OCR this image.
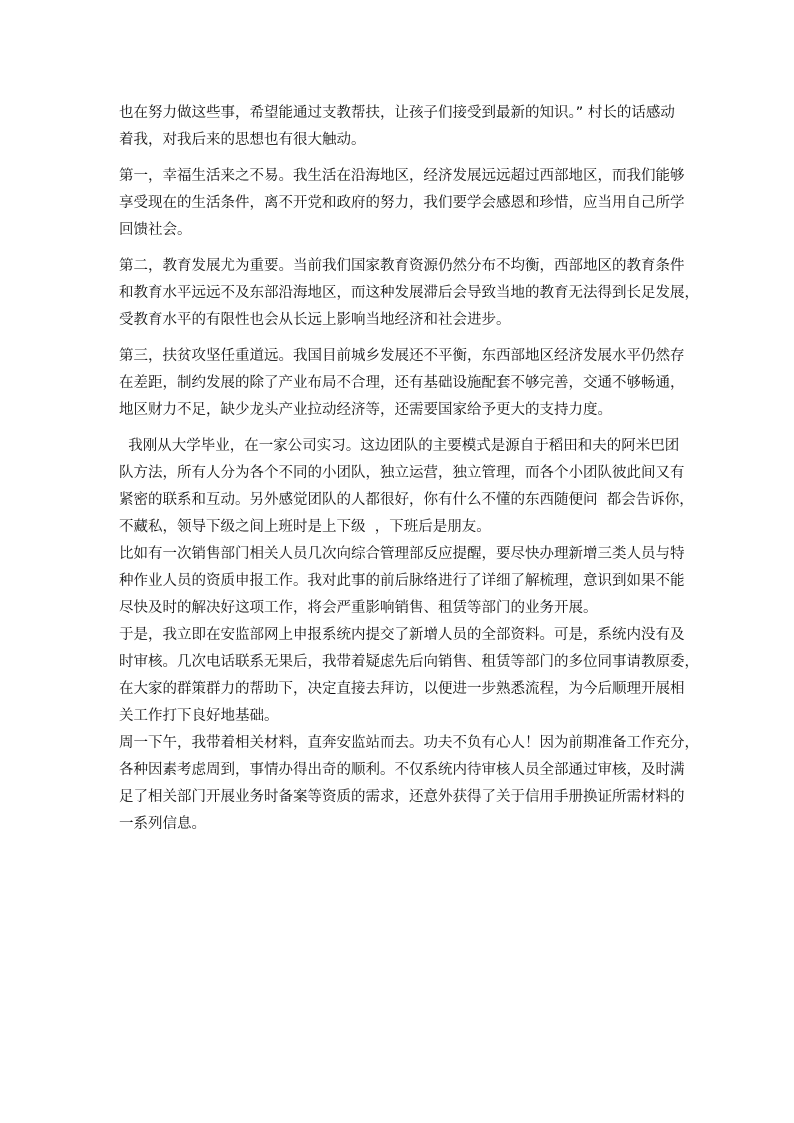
也在努力做这些事，希望能通过支教帮扶，让孩子们接受到最新的知识。” 村长的话感动
着我，对我后来的思想也有很大触动。

第一，幸福生活来之不易。我生活在沿海地区，经济发展远远超过西部地区，而我们能够
享受现在的生活条件，离不开党和政府的努力，我们要学会感恩和珍惜，应当用自己所学
回馈社会。

第二，教育发展尤为重要。当前我们国家教育资源仍然分布不均衡，西部地区的教育条件
和教育水平远远不及东部沿海地区，而这种发展滞后会导致当地的教育无法得到长足发展，
受教育水平的有限性也会从长远上影响当地经济和社会进步。

第三，扶贫攻坚任重道远。我国目前城乡发展还不平衡，东西部地区经济发展水平仍然存
在差距，制约发展的除了产业布局不合理，还有基础设施配套不够完善，交通不够畅通，
地区财力不足，缺少龙头产业拉动经济等，还需要国家给予更大的支持力度。

我刚从大学毕业，在一家公司实习。这边团队的主要模式是源自于稻田和夫的阿米巴团
队方法，所有人分为各个不同的小团队，独立运营，独立管理，而各个小团队彼此间又有
紧密的联系和互动。另外感觉团队的人都很好，你有什么不懂的东西随便问  都会告诉你，
不藏私，领导下级之间上班时是上下级  ，下班后是朋友。

比如有一次销售部门相关人员几次向综合管理部反应提醒，要尽快办理新增三类人员与特
种作业人员的资质申报工作。我对此事的前后脉络进行了详细了解梳理，意识到如果不能
尽快及时的解决好这项工作，将会严重影响销售、租赁等部门的业务开展。

于是，我立即在安监部网上申报系统内提交了新增人员的全部资料。可是，系统内没有及
时审核。几次电话联系无果后，我带着疑虑先后向销售、租赁等部门的多位同事请教原委，
在大家的群策群力的帮助下，决定直接去拜访，以便进一步熟悉流程，为今后顺理开展相
关工作打下良好地基础。

周一下午，我带着相关材料，直奔安监站而去。功夫不负有心人！因为前期准备工作充分，
各种因素考虑周到，事情办得出奇的顺利。不仅系统内待审核人员全部通过审核，及时满
足了相关部门开展业务时备案等资质的需求，还意外获得了关于信用手册换证所需材料的
一系列信息。
